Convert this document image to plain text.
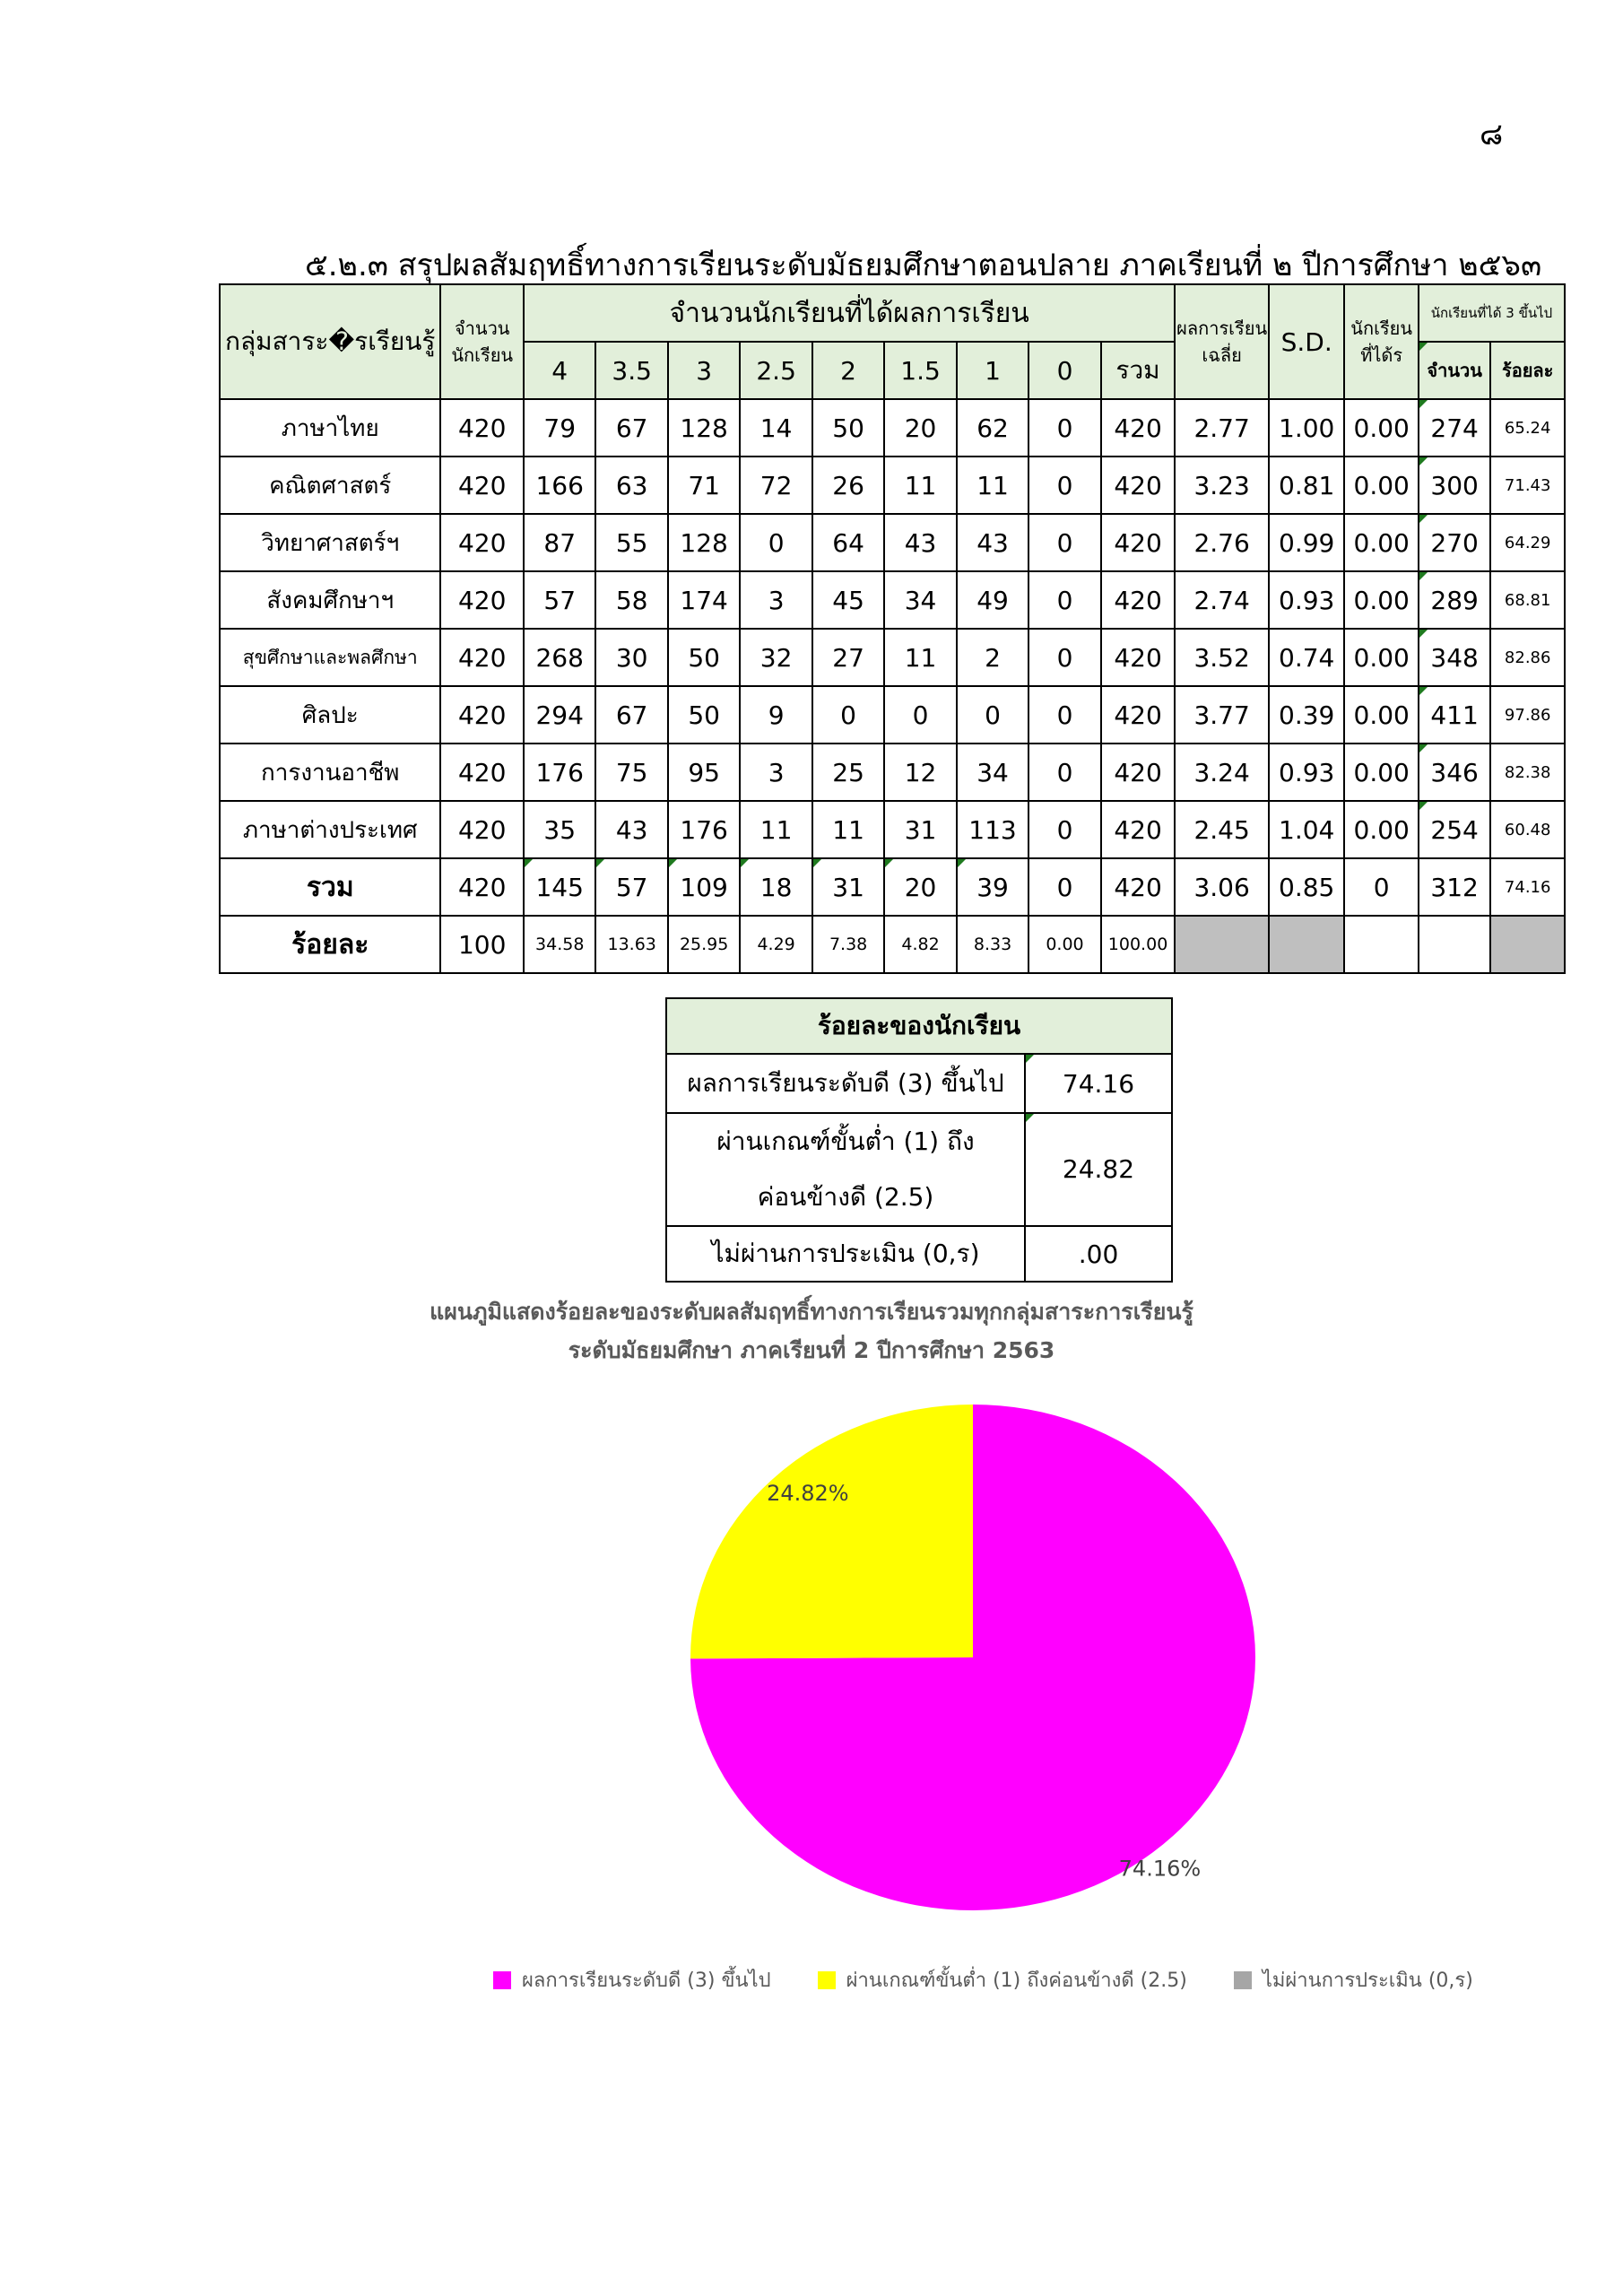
๘
๕.๒.๓ สรุปผลสัมฤทธิ์ทางการเรียนระดับมัธยมศึกษาตอนปลาย ภาคเรียนที่ ๒ ปีการศึกษา ๒๕๖๓
กลุ่มสาระ�รเรียนรู้	จำนวนนักเรียน	จำนวนนักเรียนที่ได้ผลการเรียน									ผลการเรียนเฉลี่ย	S.D.	นักเรียนที่ได้ร	นักเรียนที่ได้ 3 ขึ้นไป	
		4	3.5	3	2.5	2	1.5	1	0	รวม				จำนวน	ร้อยละ
ภาษาไทย	420	79	67	128	14	50	20	62	0	420	2.77	1.00	0.00	274	65.24
คณิตศาสตร์	420	166	63	71	72	26	11	11	0	420	3.23	0.81	0.00	300	71.43
วิทยาศาสตร์ฯ	420	87	55	128	0	64	43	43	0	420	2.76	0.99	0.00	270	64.29
สังคมศึกษาฯ	420	57	58	174	3	45	34	49	0	420	2.74	0.93	0.00	289	68.81
สุขศึกษาและพลศึกษา	420	268	30	50	32	27	11	2	0	420	3.52	0.74	0.00	348	82.86
ศิลปะ	420	294	67	50	9	0	0	0	0	420	3.77	0.39	0.00	411	97.86
การงานอาชีพ	420	176	75	95	3	25	12	34	0	420	3.24	0.93	0.00	346	82.38
ภาษาต่างประเทศ	420	35	43	176	11	11	31	113	0	420	2.45	1.04	0.00	254	60.48
รวม	420	145	57	109	18	31	20	39	0	420	3.06	0.85	0	312	74.16
ร้อยละ	100	34.58	13.63	25.95	4.29	7.38	4.82	8.33	0.00	100.00					
ร้อยละของนักเรียน	
ผลการเรียนระดับดี (3) ขึ้นไป	74.16

ผ่านเกณฑ์ขั้นต่ำ (1) ถึง
ค่อนข้างดี (2.5)	24.82
ไม่ผ่านการประเมิน (0,ร)	.00
แผนภูมิแสดงร้อยละของระดับผลสัมฤทธิ์ทางการเรียนรวมทุกกลุ่มสาระการเรียนรู้
ระดับมัธยมศึกษา ภาคเรียนที่ 2 ปีการศึกษา 2563
74.16%
24.82%
ผลการเรียนระดับดี (3) ขึ้นไป	ผ่านเกณฑ์ขั้นต่ำ (1) ถึงค่อนข้างดี (2.5)	ไม่ผ่านการประเมิน (0,ร)
